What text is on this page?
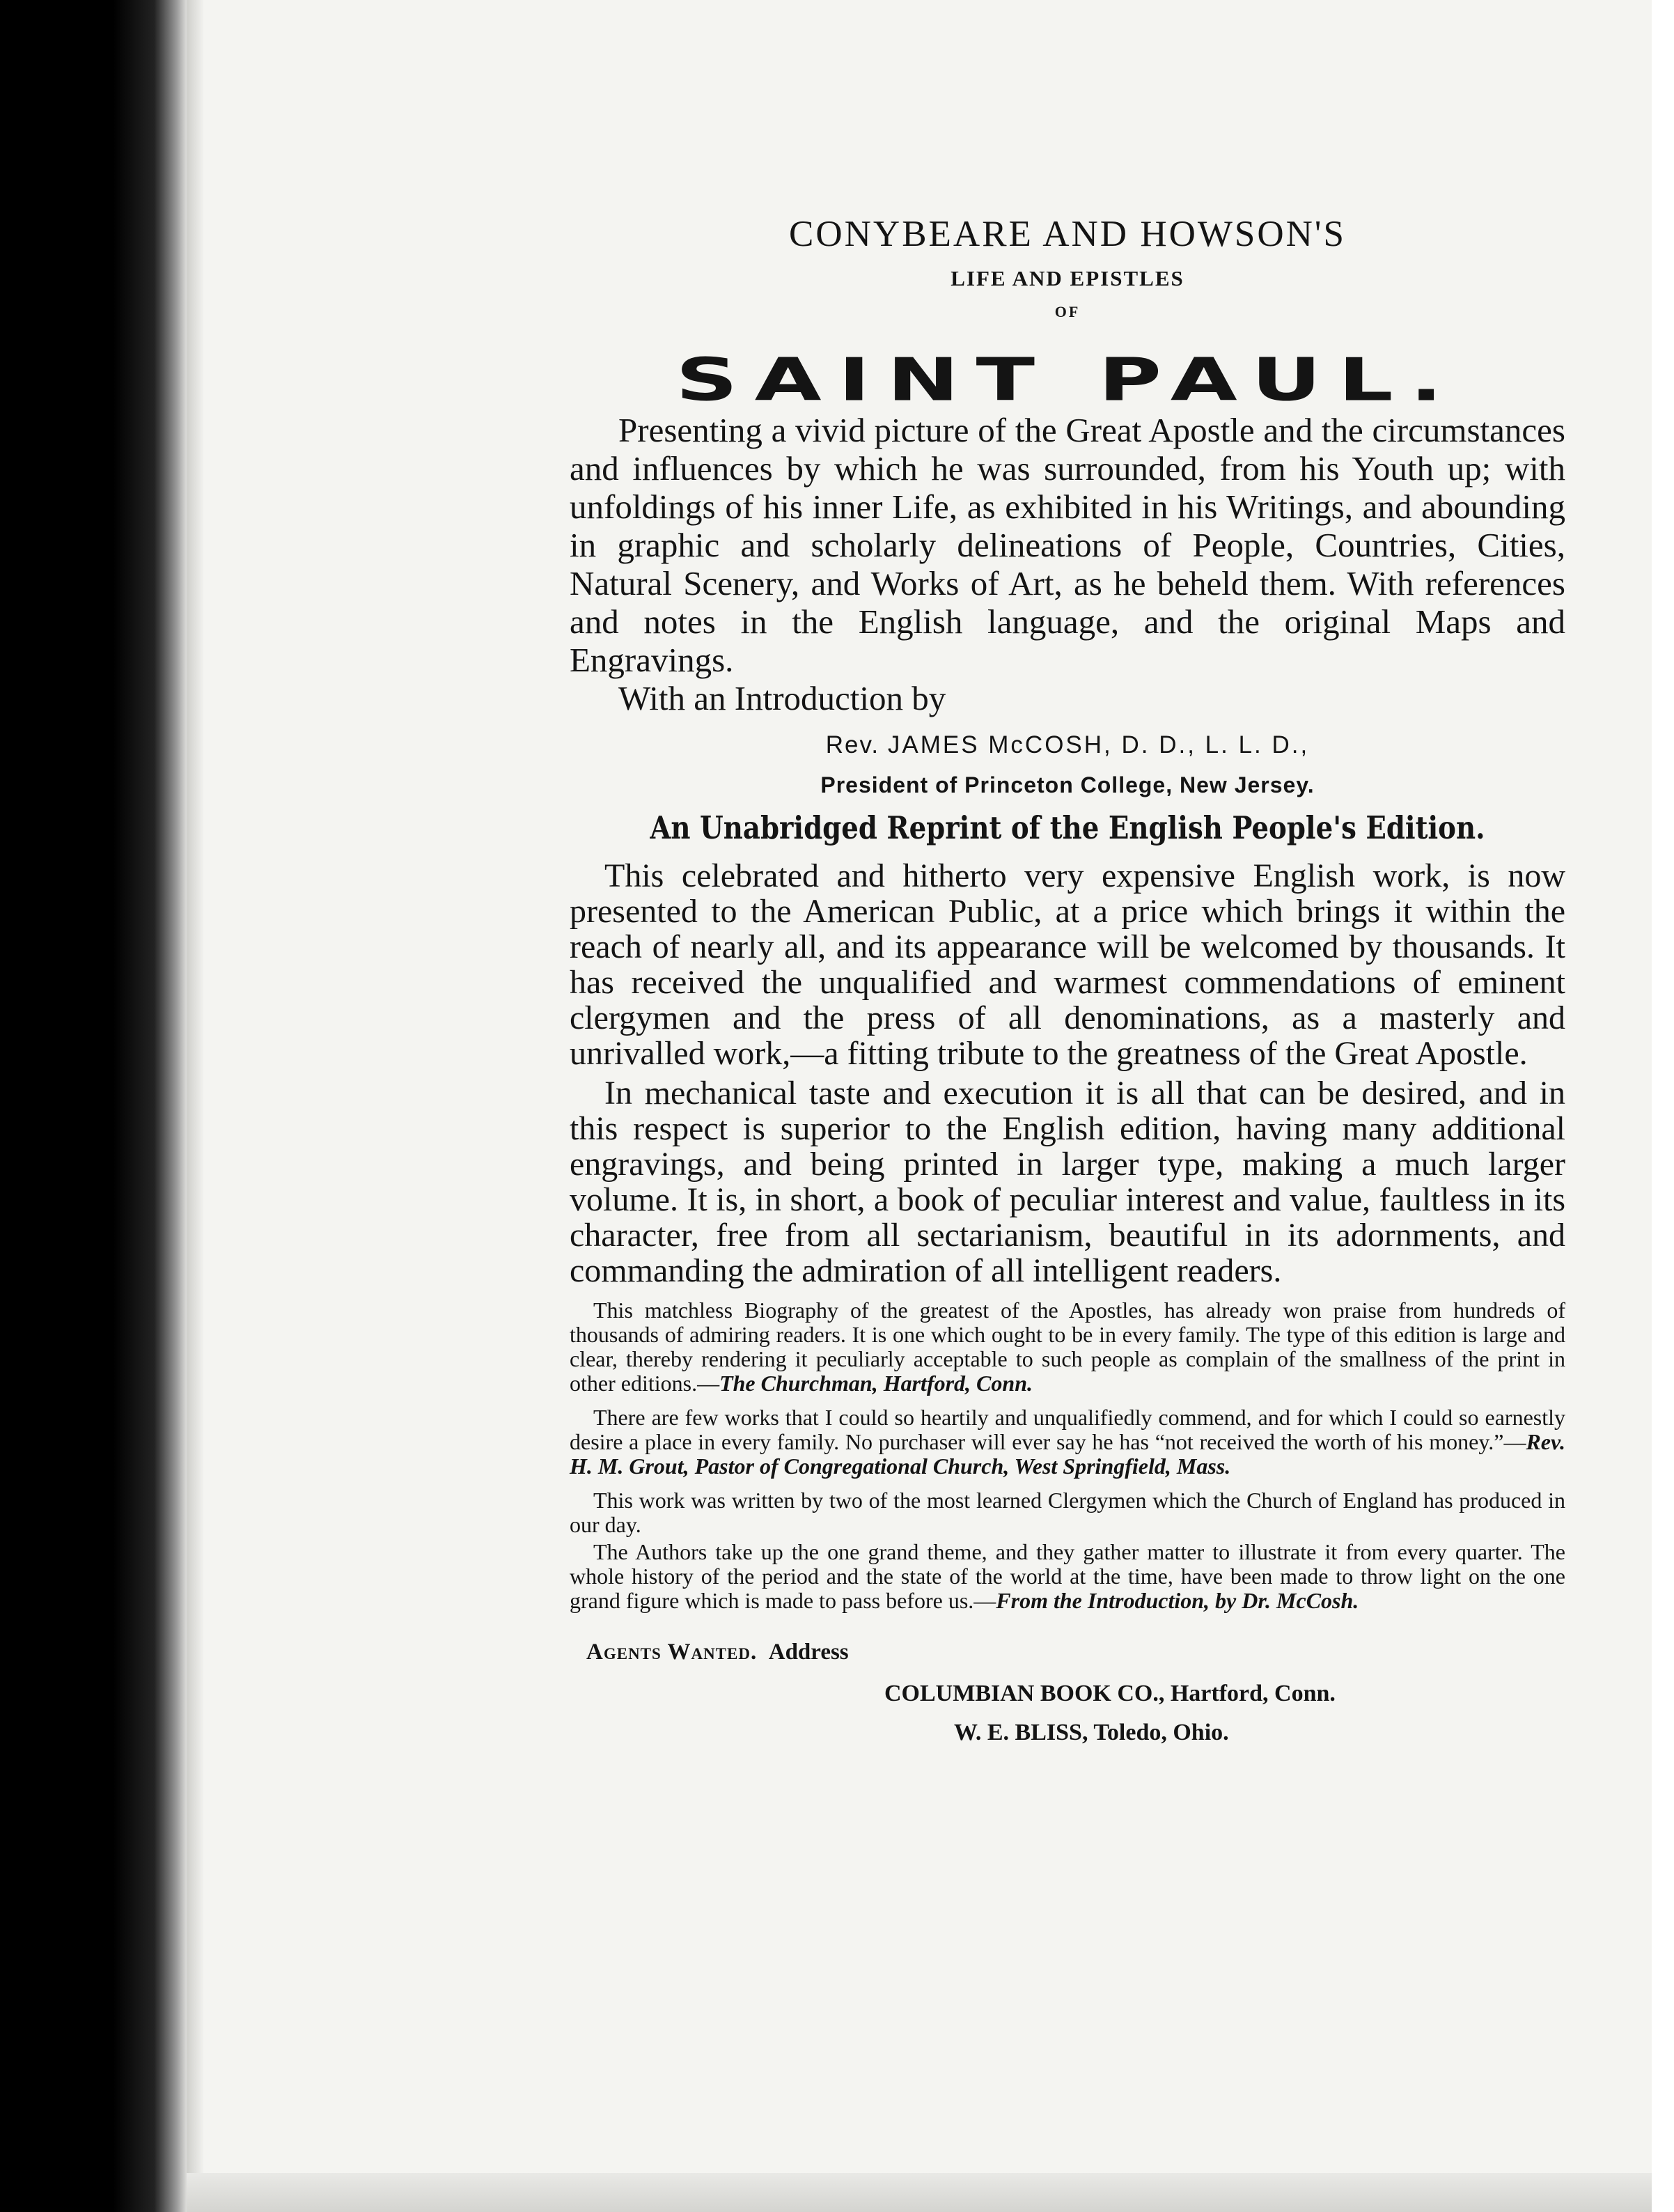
CONYBEARE AND HOWSON'S

LIFE AND EPISTLES

OF

SAINT PAUL.

Presenting a vivid picture of the Great Apostle and the circumstances and influences by which he was surrounded, from his Youth up; with unfoldings of his inner Life, as exhibited in his Writings, and abounding in graphic and scholarly delineations of People, Countries, Cities, Natural Scenery, and Works of Art, as he beheld them. With references and notes in the English language, and the original Maps and Engravings.

With an Introduction by

Rev. JAMES McCOSH, D. D., L. L. D.,

President of Princeton College, New Jersey.

An Unabridged Reprint of the English People's Edition.

This celebrated and hitherto very expensive English work, is now presented to the American Public, at a price which brings it within the reach of nearly all, and its appearance will be welcomed by thousands. It has received the unqualified and warmest commendations of eminent clergymen and the press of all denominations, as a masterly and unrivalled work,—a fitting tribute to the greatness of the Great Apostle.

In mechanical taste and execution it is all that can be desired, and in this respect is superior to the English edition, having many additional engravings, and being printed in larger type, making a much larger volume. It is, in short, a book of peculiar interest and value, faultless in its character, free from all sectarianism, beautiful in its adornments, and commanding the admiration of all intelligent readers.

This matchless Biography of the greatest of the Apostles, has already won praise from hundreds of thousands of admiring readers. It is one which ought to be in every family. The type of this edition is large and clear, thereby rendering it peculiarly acceptable to such people as complain of the smallness of the print in other editions.—The Churchman, Hartford, Conn.

There are few works that I could so heartily and unqualifiedly commend, and for which I could so earnestly desire a place in every family. No purchaser will ever say he has “not received the worth of his money.”—Rev. H. M. Grout, Pastor of Congregational Church, West Springfield, Mass.

This work was written by two of the most learned Clergymen which the Church of England has produced in our day.

The Authors take up the one grand theme, and they gather matter to illustrate it from every quarter. The whole history of the period and the state of the world at the time, have been made to throw light on the one grand figure which is made to pass before us.—From the Introduction, by Dr. McCosh.

Agents Wanted. Address

COLUMBIAN BOOK CO., Hartford, Conn.

W. E. BLISS, Toledo, Ohio.
